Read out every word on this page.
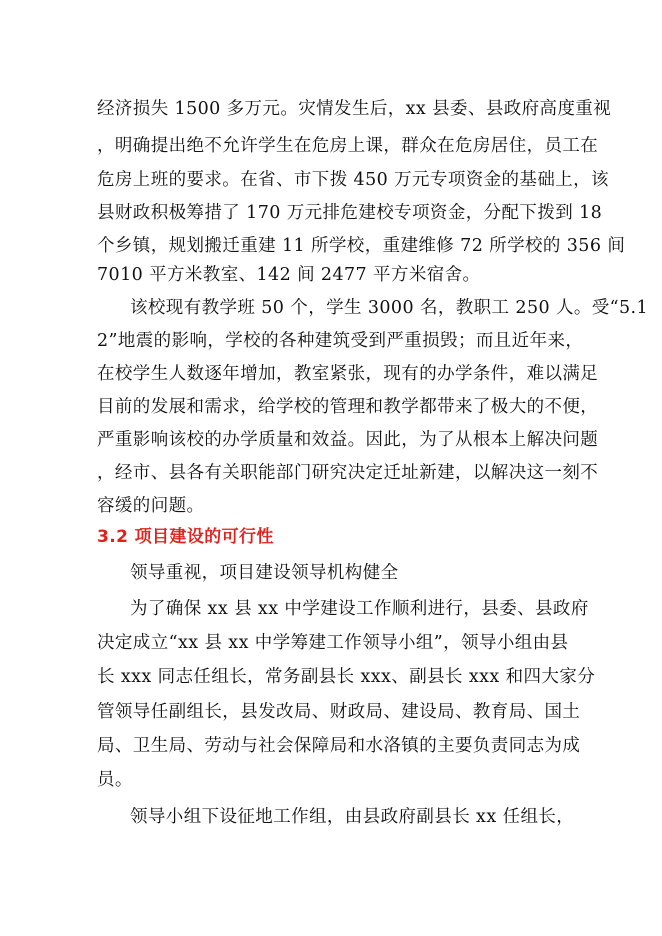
经济损失 1500 多万元。灾情发生后，xx 县委、县政府高度重视
，明确提出绝不允许学生在危房上课，群众在危房居住，员工在
危房上班的要求。在省、市下拨 450 万元专项资金的基础上，该
县财政积极筹措了 170 万元排危建校专项资金，分配下拨到 18
个乡镇，规划搬迁重建 11 所学校，重建维修 72 所学校的 356 间
7010 平方米教室、142 间 2477 平方米宿舍。
该校现有教学班 50 个，学生 3000 名，教职工 250 人。受“5.1
2”地震的影响，学校的各种建筑受到严重损毁；而且近年来，
在校学生人数逐年增加，教室紧张，现有的办学条件，难以满足
目前的发展和需求，给学校的管理和教学都带来了极大的不便，
严重影响该校的办学质量和效益。因此，为了从根本上解决问题
，经市、县各有关职能部门研究决定迁址新建，以解决这一刻不
容缓的问题。
3.2 项目建设的可行性
领导重视，项目建设领导机构健全
为了确保 xx 县 xx 中学建设工作顺利进行，县委、县政府
决定成立“xx 县 xx 中学筹建工作领导小组”，领导小组由县
长 xxx 同志任组长，常务副县长 xxx、副县长 xxx 和四大家分
管领导任副组长，县发改局、财政局、建设局、教育局、国土
局、卫生局、劳动与社会保障局和水洛镇的主要负责同志为成
员。
领导小组下设征地工作组，由县政府副县长 xx 任组长，
